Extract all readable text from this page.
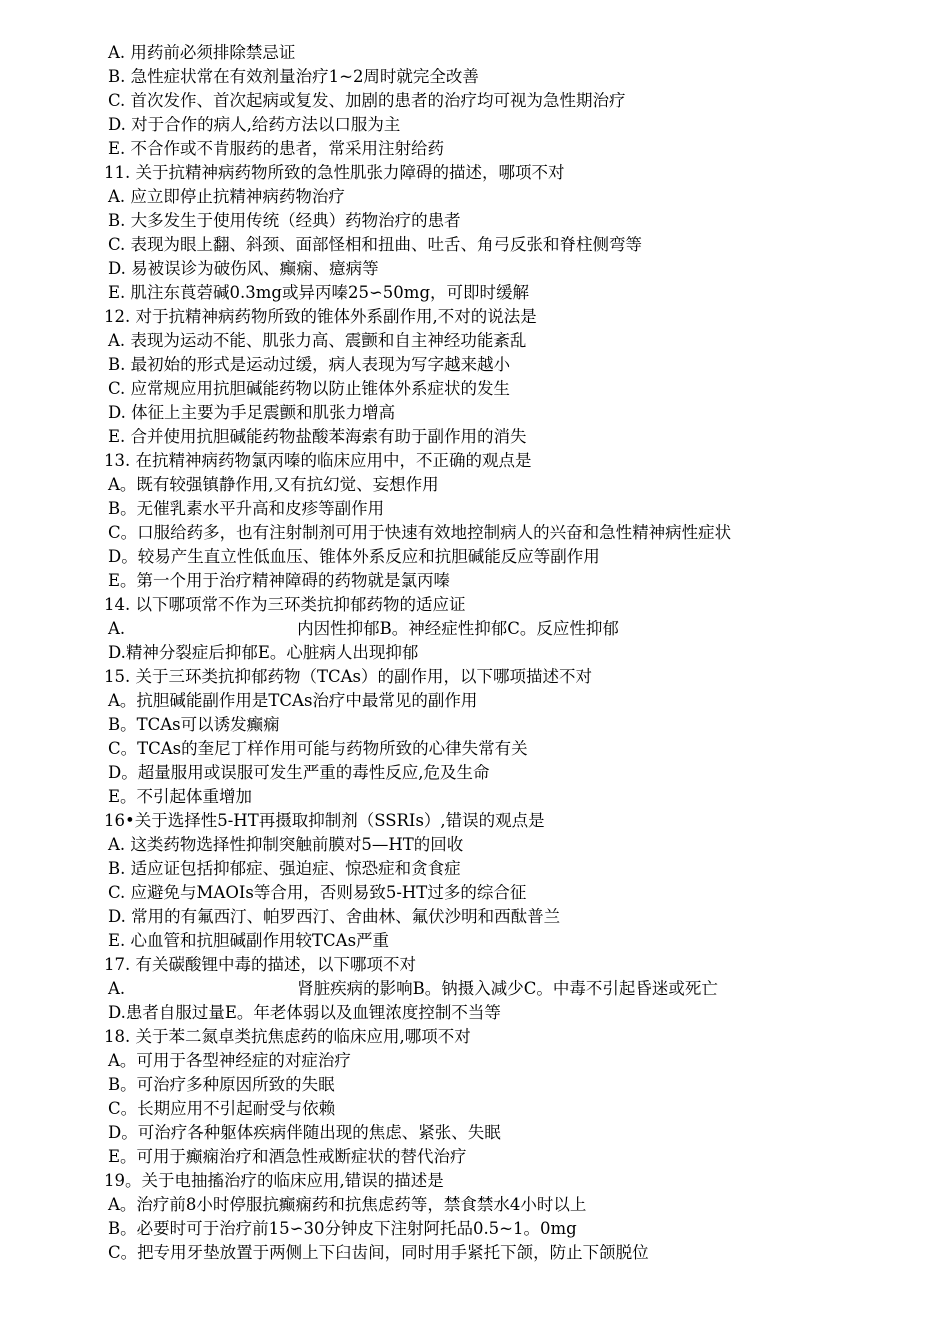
A. 用药前必须排除禁忌证
B. 急性症状常在有效剂量治疗1~2周时就完全改善
C. 首次发作、首次起病或复发、加剧的患者的治疗均可视为急性期治疗
D. 对于合作的病人,给药方法以口服为主
E. 不合作或不肯服药的患者，常采用注射给药
11. 关于抗精神病药物所致的急性肌张力障碍的描述，哪项不对
A. 应立即停止抗精神病药物治疗
B. 大多发生于使用传统（经典）药物治疗的患者
C. 表现为眼上翻、斜颈、面部怪相和扭曲、吐舌、角弓反张和脊柱侧弯等
D. 易被误诊为破伤风、癫痫、癔病等
E. 肌注东莨菪碱0.3mg或异丙嗪25∽50mg，可即时缓解
12. 对于抗精神病药物所致的锥体外系副作用,不对的说法是
A. 表现为运动不能、肌张力高、震颤和自主神经功能紊乱
B. 最初始的形式是运动过缓，病人表现为写字越来越小
C. 应常规应用抗胆碱能药物以防止锥体外系症状的发生
D. 体征上主要为手足震颤和肌张力增高
E. 合并使用抗胆碱能药物盐酸苯海索有助于副作用的消失
13. 在抗精神病药物氯丙嗪的临床应用中，不正确的观点是
A。既有较强镇静作用,又有抗幻觉、妄想作用
B。无催乳素水平升高和皮疹等副作用
C。口服给药多，也有注射制剂可用于快速有效地控制病人的兴奋和急性精神病性症状
D。较易产生直立性低血压、锥体外系反应和抗胆碱能反应等副作用
E。第一个用于治疗精神障碍的药物就是氯丙嗪
14. 以下哪项常不作为三环类抗抑郁药物的适应证
A.	内因性抑郁B。神经症性抑郁C。反应性抑郁
D.精神分裂症后抑郁E。心脏病人出现抑郁
15. 关于三环类抗抑郁药物（TCAs）的副作用，以下哪项描述不对
A。抗胆碱能副作用是TCAs治疗中最常见的副作用
B。TCAs可以诱发癫痫
C。TCAs的奎尼丁样作用可能与药物所致的心律失常有关
D。超量服用或误服可发生严重的毒性反应,危及生命
E。不引起体重增加
16•关于选择性5-HT再摄取抑制剂（SSRIs）,错误的观点是
A. 这类药物选择性抑制突触前膜对5—HT的回收
B. 适应证包括抑郁症、强迫症、惊恐症和贪食症
C. 应避免与MAOIs等合用，否则易致5-HT过多的综合征
D. 常用的有氟西汀、帕罗西汀、舍曲林、氟伏沙明和西酞普兰
E. 心血管和抗胆碱副作用较TCAs严重
17. 有关碳酸锂中毒的描述，以下哪项不对
A.	肾脏疾病的影响B。钠摄入减少C。中毒不引起昏迷或死亡
D.患者自服过量E。年老体弱以及血锂浓度控制不当等
18. 关于苯二氮卓类抗焦虑药的临床应用,哪项不对
A。可用于各型神经症的对症治疗
B。可治疗多种原因所致的失眠
C。长期应用不引起耐受与依赖
D。可治疗各种躯体疾病伴随出现的焦虑、紧张、失眠
E。可用于癫痫治疗和酒急性戒断症状的替代治疗
19。关于电抽搐治疗的临床应用,错误的描述是
A。治疗前8小时停服抗癫痫药和抗焦虑药等，禁食禁水4小时以上
B。必要时可于治疗前15∽30分钟皮下注射阿托品0.5~1。0mg
C。把专用牙垫放置于两侧上下臼齿间，同时用手紧托下颌，防止下颌脱位
